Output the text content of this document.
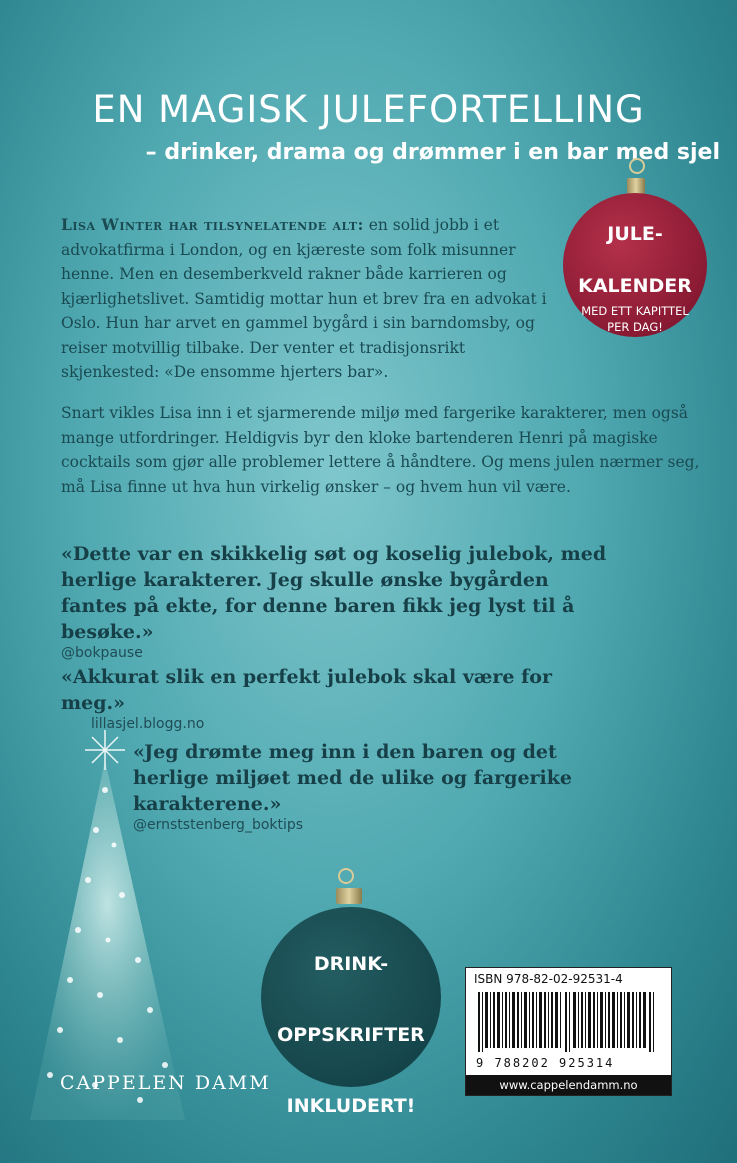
EN MAGISK JULEFORTELLING
– drinker, drama og drømmer i en bar med sjel
JULE-
KALENDER
MED ETT KAPITTEL
PER DAG!
Lisa Winter har tilsynelatende alt: en solid jobb i et advokatfirma i London, og en kjæreste som folk misunner henne. Men en desemberkveld rakner både karrieren og kjærlighetslivet. Samtidig mottar hun et brev fra en advokat i Oslo. Hun har arvet en gammel bygård i sin barndomsby, og reiser motvillig tilbake. Der venter et tradisjonsrikt skjenkested: «De ensomme hjerters bar».
Snart vikles Lisa inn i et sjarmerende miljø med fargerike karakterer, men også mange utfordringer. Heldigvis byr den kloke bartenderen Henri på magiske cocktails som gjør alle problemer lettere å håndtere. Og mens julen nærmer seg, må Lisa finne ut hva hun virkelig ønsker – og hvem hun vil være.
«Dette var en skikkelig søt og koselig julebok, med herlige karakterer. Jeg skulle ønske bygården fantes på ekte, for denne baren fikk jeg lyst til å besøke.»
@bokpause
«Akkurat slik en perfekt julebok skal være for meg.»
lillasjel.blogg.no
«Jeg drømte meg inn i den baren og det herlige miljøet med de ulike og fargerike karakterene.»
@ernststenberg_boktips
DRINK-
OPPSKRIFTER
INKLUDERT!
ISBN 978-82-02-92531-4
9 788202 925314
www.cappelendamm.no
CAPPELEN DAMM
